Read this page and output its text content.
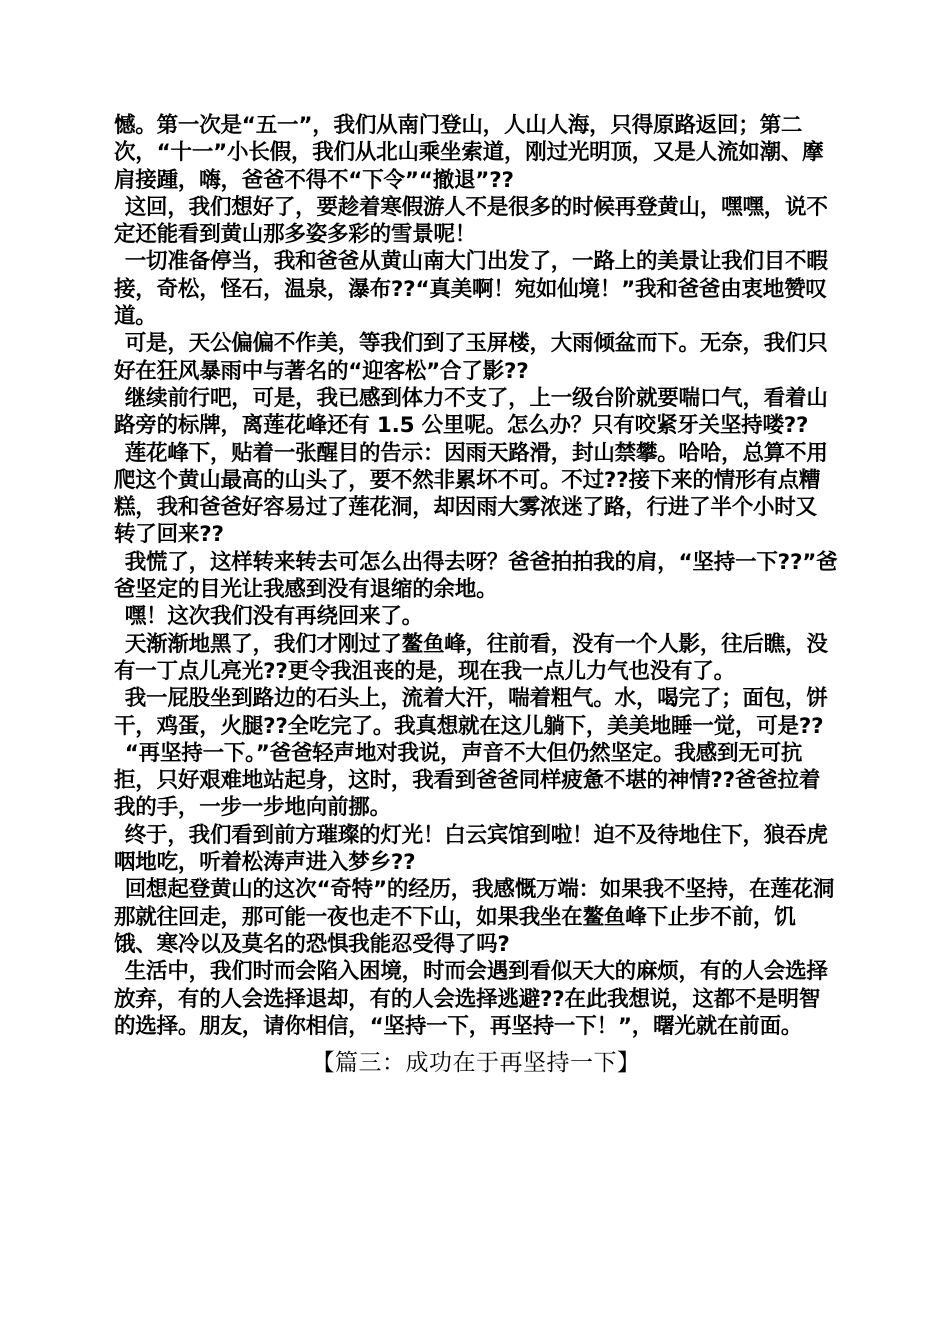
憾。第一次是“五一”，我们从南门登山，人山人海，只得原路返回；第二次，“十一”小长假，我们从北山乘坐索道，刚过光明顶，又是人流如潮、摩肩接踵，嗨，爸爸不得不“下令”“撤退”??

这回，我们想好了，要趁着寒假游人不是很多的时候再登黄山，嘿嘿，说不定还能看到黄山那多姿多彩的雪景呢！

一切准备停当，我和爸爸从黄山南大门出发了，一路上的美景让我们目不暇接，奇松，怪石，温泉，瀑布??“真美啊！宛如仙境！”我和爸爸由衷地赞叹道。

可是，天公偏偏不作美，等我们到了玉屏楼，大雨倾盆而下。无奈，我们只好在狂风暴雨中与著名的“迎客松”合了影??

继续前行吧，可是，我已感到体力不支了，上一级台阶就要喘口气，看着山路旁的标牌，离莲花峰还有 1.5 公里呢。怎么办？只有咬紧牙关坚持喽??

莲花峰下，贴着一张醒目的告示：因雨天路滑，封山禁攀。哈哈，总算不用爬这个黄山最高的山头了，要不然非累坏不可。不过??接下来的情形有点糟糕，我和爸爸好容易过了莲花洞，却因雨大雾浓迷了路，行进了半个小时又转了回来??

我慌了，这样转来转去可怎么出得去呀？爸爸拍拍我的肩，“坚持一下??”爸爸坚定的目光让我感到没有退缩的余地。

嘿！这次我们没有再绕回来了。

天渐渐地黑了，我们才刚过了鳌鱼峰，往前看，没有一个人影，往后瞧，没有一丁点儿亮光??更令我沮丧的是，现在我一点儿力气也没有了。

我一屁股坐到路边的石头上，流着大汗，喘着粗气。水，喝完了；面包，饼干，鸡蛋，火腿??全吃完了。我真想就在这儿躺下，美美地睡一觉，可是??

“再坚持一下。”爸爸轻声地对我说，声音不大但仍然坚定。我感到无可抗拒，只好艰难地站起身，这时，我看到爸爸同样疲惫不堪的神情??爸爸拉着我的手，一步一步地向前挪。

终于，我们看到前方璀璨的灯光！白云宾馆到啦！迫不及待地住下，狼吞虎咽地吃，听着松涛声进入梦乡??

回想起登黄山的这次“奇特”的经历，我感慨万端：如果我不坚持，在莲花洞那就往回走，那可能一夜也走不下山，如果我坐在鳌鱼峰下止步不前，饥饿、寒冷以及莫名的恐惧我能忍受得了吗?

生活中，我们时而会陷入困境，时而会遇到看似天大的麻烦，有的人会选择放弃，有的人会选择退却，有的人会选择逃避??在此我想说，这都不是明智的选择。朋友，请你相信，“坚持一下，再坚持一下！”，曙光就在前面。

【篇三：成功在于再坚持一下】
